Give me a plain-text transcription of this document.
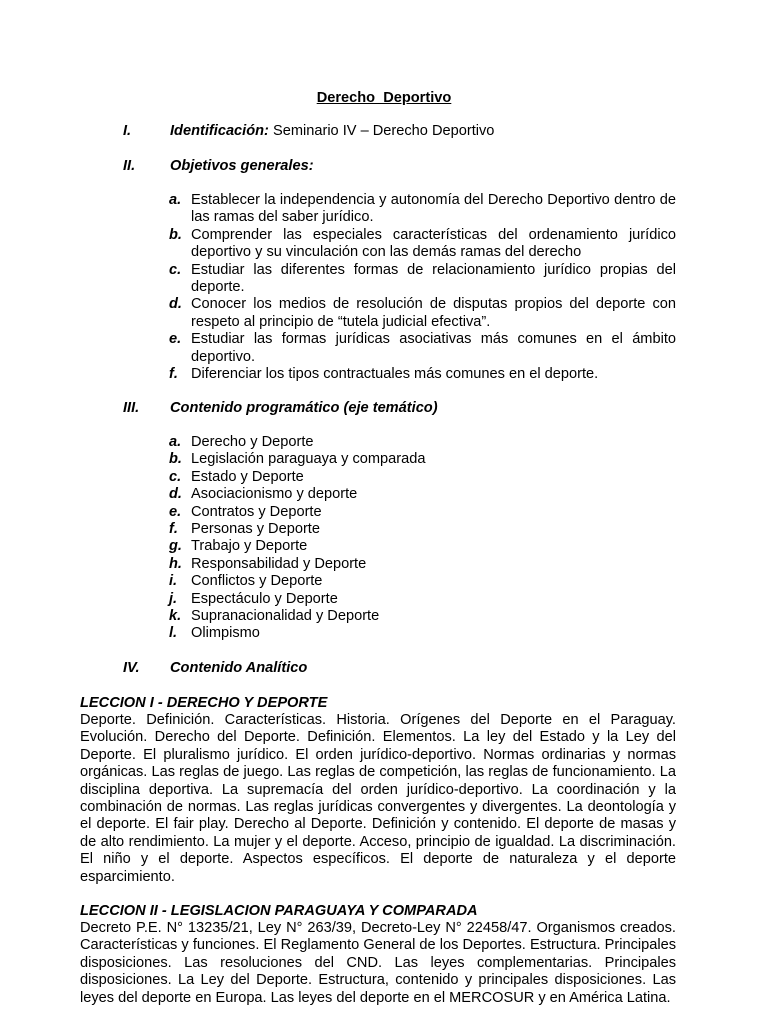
Derecho  Deportivo
I.	Identificación: Seminario IV – Derecho Deportivo
II. Objetivos generales:
a. Establecer la independencia y autonomía del Derecho Deportivo dentro de las ramas del saber jurídico.
b. Comprender las especiales características del ordenamiento jurídico deportivo y su vinculación con las demás ramas del derecho
c. Estudiar las diferentes formas de relacionamiento jurídico propias del deporte.
d. Conocer los medios de resolución de disputas propios del deporte con respeto al principio de “tutela judicial efectiva”.
e. Estudiar las formas jurídicas asociativas más comunes en el ámbito deportivo.
f. Diferenciar los tipos contractuales más comunes en el deporte.
III. Contenido programático (eje temático)
a. Derecho y Deporte
b. Legislación paraguaya y comparada
c. Estado y Deporte
d. Asociacionismo y deporte
e. Contratos y Deporte
f. Personas y Deporte
g. Trabajo y Deporte
h. Responsabilidad y Deporte
i. Conflictos y Deporte
j. Espectáculo y Deporte
k. Supranacionalidad y Deporte
l. Olimpismo
IV. Contenido Analítico
LECCION I - DERECHO Y DEPORTE
Deporte. Definición. Características. Historia. Orígenes del Deporte en el Paraguay. Evolución. Derecho del Deporte. Definición. Elementos. La ley del Estado y la Ley del Deporte. El pluralismo jurídico. El orden jurídico-deportivo. Normas ordinarias y normas orgánicas. Las reglas de juego. Las reglas de competición, las reglas de funcionamiento. La disciplina deportiva. La supremacía del orden jurídico-deportivo. La coordinación y la combinación de normas. Las reglas jurídicas convergentes y divergentes. La deontología y el deporte. El fair play. Derecho al Deporte. Definición y contenido. El deporte de masas y de alto rendimiento. La mujer y el deporte. Acceso, principio de igualdad. La discriminación. El niño y el deporte. Aspectos específicos. El deporte de naturaleza y el deporte esparcimiento.
LECCION II - LEGISLACION PARAGUAYA Y COMPARADA
Decreto P.E. N° 13235/21, Ley N° 263/39, Decreto-Ley N° 22458/47. Organismos creados. Características y funciones. El Reglamento General de los Deportes. Estructura. Principales disposiciones. Las resoluciones del CND. Las leyes complementarias. Principales disposiciones. La Ley del Deporte. Estructura, contenido y principales disposiciones. Las leyes del deporte en Europa. Las leyes del deporte en el MERCOSUR y en América Latina.
